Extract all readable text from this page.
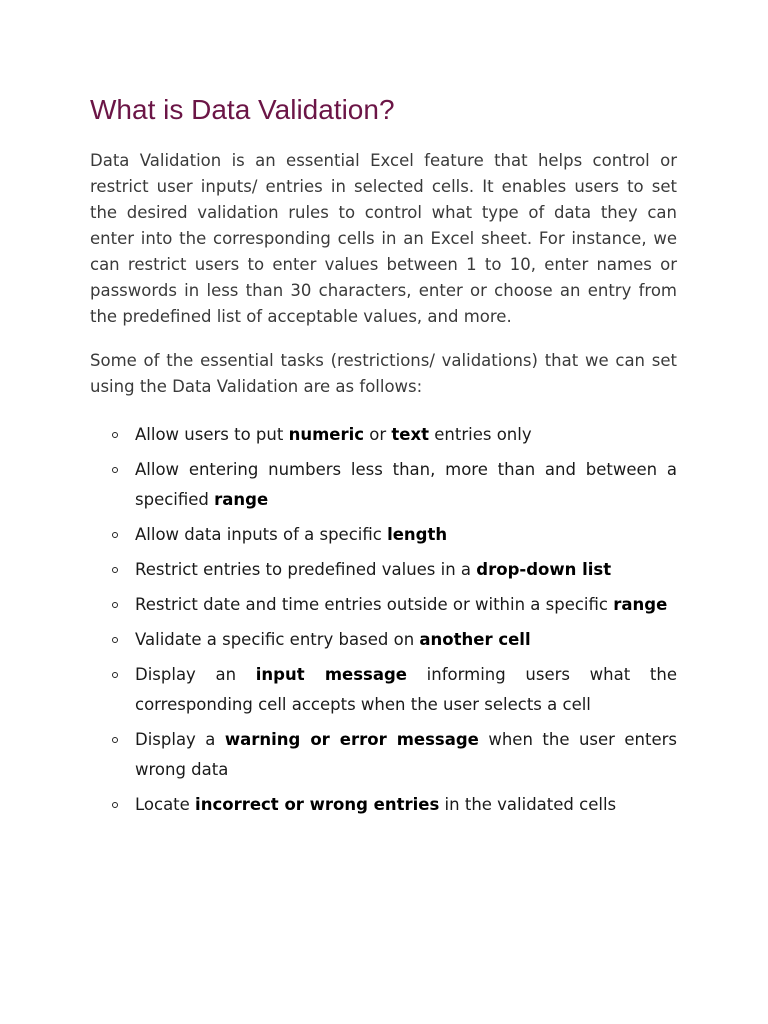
What is Data Validation?

Data Validation is an essential Excel feature that helps control or restrict user inputs/ entries in selected cells. It enables users to set the desired validation rules to control what type of data they can enter into the corresponding cells in an Excel sheet. For instance, we can restrict users to enter values between 1 to 10, enter names or passwords in less than 30 characters, enter or choose an entry from the predefined list of acceptable values, and more.

Some of the essential tasks (restrictions/ validations) that we can set using the Data Validation are as follows:

Allow users to put numeric or text entries only
Allow entering numbers less than, more than and between a specified range
Allow data inputs of a specific length
Restrict entries to predefined values in a drop-down list
Restrict date and time entries outside or within a specific range
Validate a specific entry based on another cell
Display an input message informing users what the corresponding cell accepts when the user selects a cell
Display a warning or error message when the user enters wrong data
Locate incorrect or wrong entries in the validated cells
